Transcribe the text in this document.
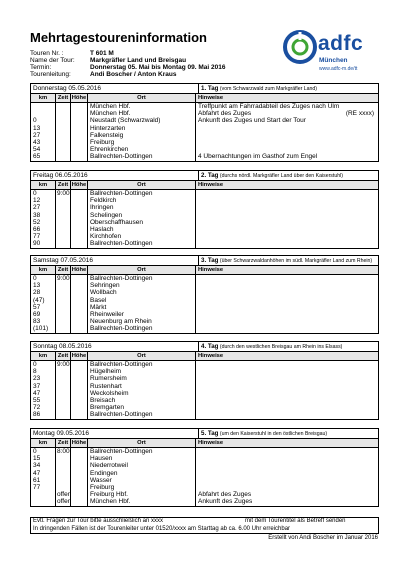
Mehrtagestoureninformation
Touren Nr. :	T 601 M
Name der Tour:	Markgräfler Land und Breisgau
Termin:	Donnerstag 05. Mai bis Montag 09. Mai 2016
Tourenleitung:	Andi Boscher / Anton Kraus
adfc
München
www.adfc-m.de/tt
Donnerstag 05.05.2016	1. Tag (vom Schwarzwald zum Markgräfler Land)
km	Zeit Höhe	Ort	Hinweise
München Hbf.	Treffpunkt am Fahrradabteil des Zuges nach Ulm
München Hbf.	Abfahrt des Zuges	(RE xxxx)
0	Neustadt (Schwarzwald)	Ankunft des Zuges und Start der Tour
13	Hinterzarten
27	Falkensteig
43	Freiburg
54	Ehrenkirchen
65	Ballrechten-Dottingen	4 Übernachtungen im Gasthof zum Engel
Freitag 06.05.2016	2. Tag (durchs nördl. Markgräfler Land über den Kaiserstuhl)
km	Zeit Höhe	Ort	Hinweise
0	9:00	Ballrechten-Dottingen
12	Feldkirch
27	Ihringen
38	Schelingen
52	Oberschaffhausen
66	Haslach
77	Kirchhofen
90	Ballrechten-Dottingen
Samstag 07.05.2016	3. Tag (über Schwarzwaldanhöhen im südl. Markgräfler Land zum Rhein)
km	Zeit Höhe	Ort	Hinweise
0	9:00	Ballrechten-Dottingen
13	Sehringen
28	Wollbach
(47)	Basel
57	Märkt
69	Rheinweiler
83	Neuenburg am Rhein
(101)	Ballrechten-Dottingen
Sonntag 08.05.2016	4. Tag (durch den westlichen Breisgau am Rhein ins Elsass)
km	Zeit Höhe	Ort	Hinweise
0	9:00	Ballrechten-Dottingen
8	Hügelheim
23	Rumersheim
37	Rustenhart
47	Weckolsheim
55	Breisach
72	Bremgarten
86	Ballrechten-Dottingen
Montag 09.05.2016	5. Tag (um den Kaiserstuhl in den östlichen Breisgau)
km	Zeit Höhe	Ort	Hinweise
0	8:00	Ballrechten-Dottingen
15	Hausen
34	Niederrotweil
47	Endingen
61	Wasser
77	Freiburg
offen	Freiburg Hbf.	Abfahrt des Zuges
offen	München Hbf.	Ankunft des Zuges
Evtl. Fragen zur Tour bitte ausschließlich an xxxx	mit dem Tourentitel als Betreff senden
In dringenden Fällen ist der Tourenleiter unter 01520/xxxx am Starttag ab ca. 6.00 Uhr erreichbar
Erstellt von Andi Boscher im Januar 2016
